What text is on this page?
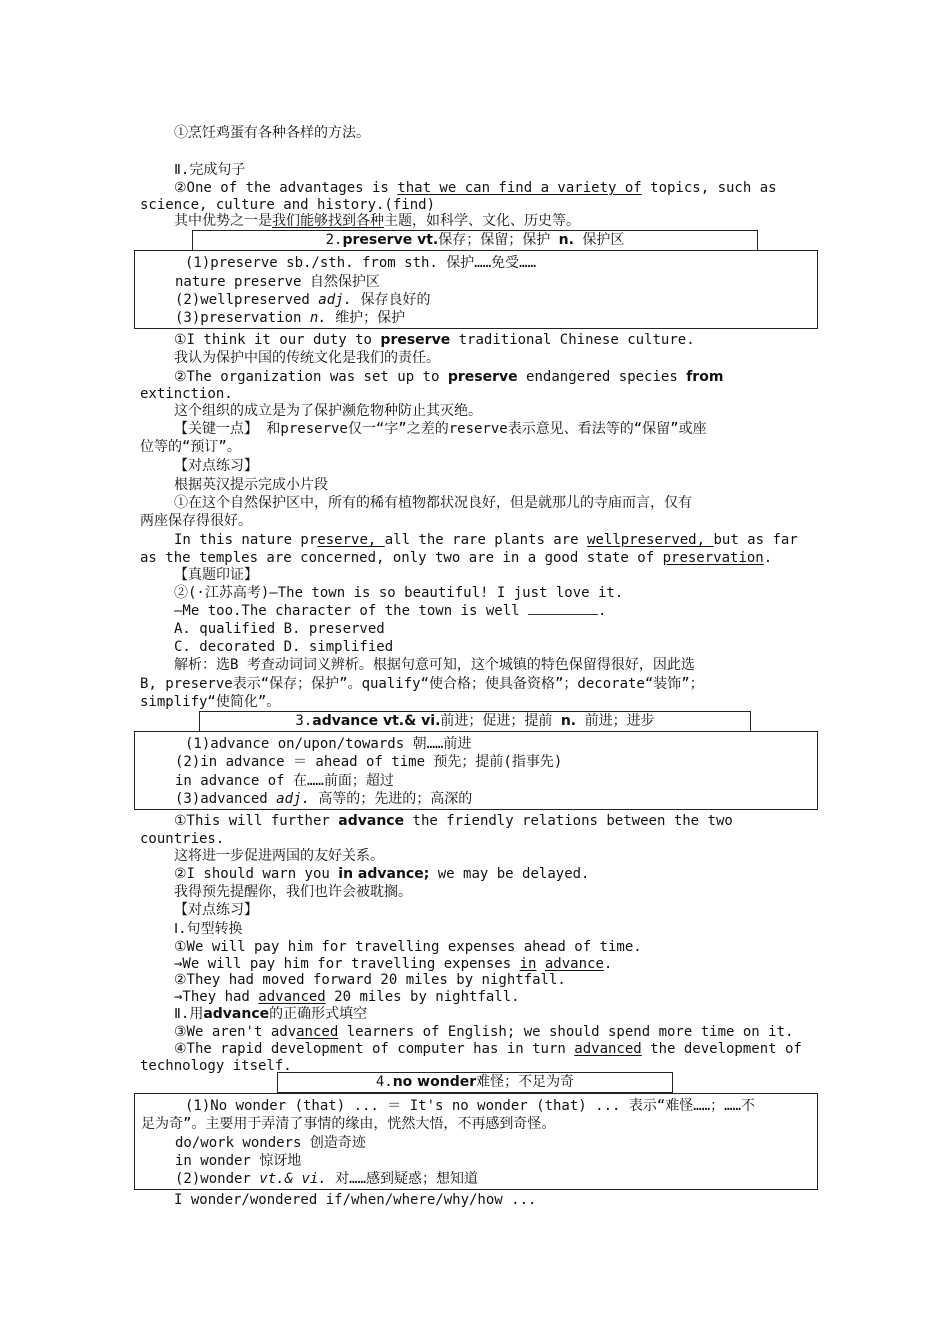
①烹饪鸡蛋有各种各样的方法。
Ⅱ.完成句子
②One of the advantages is that we can find a variety of topics, such as
science, culture and history.(find)
其中优势之一是我们能够找到各种主题，如科学、文化、历史等。
2.preserve vt.保存；保留；保护 n. 保护区
(1)preserve sb./sth. from sth. 保护……免受……
nature preserve 自然保护区
(2)wellpreserved adj. 保存良好的
(3)preservation n. 维护；保护
①I think it our duty to preserve traditional Chinese culture.
我认为保护中国的传统文化是我们的责任。
②The organization was set up to preserve endangered species from
extinction.
这个组织的成立是为了保护濒危物种防止其灭绝。
【关键一点】 和preserve仅一“字”之差的reserve表示意见、看法等的“保留”或座
位等的“预订”。
【对点练习】
根据英汉提示完成小片段
①在这个自然保护区中，所有的稀有植物都状况良好，但是就那儿的寺庙而言，仅有
两座保存得很好。
In this nature preserve, all the rare plants are wellpreserved, but as far
as the temples are concerned, only two are in a good state of preservation.
【真题印证】
②(·江苏高考)—The town is so beautiful! I just love it.
—Me too.The character of the town is well	.
A. qualified B. preserved
C. decorated D. simplified
解析：选B 考查动词词义辨析。根据句意可知，这个城镇的特色保留得很好，因此选
B, preserve表示“保存；保护”。qualify“使合格；使具备资格”；decorate“装饰”；
simplify“使简化”。
3.advance vt.& vi.前进；促进；提前 n. 前进；进步
(1)advance on/upon/towards 朝……前进
(2)in advance ＝ ahead of time 预先；提前(指事先)
in advance of 在……前面；超过
(3)advanced adj. 高等的；先进的；高深的
①This will further advance the friendly relations between the two
countries.
这将进一步促进两国的友好关系。
②I should warn you in advance; we may be delayed.
我得预先提醒你，我们也许会被耽搁。
【对点练习】
Ⅰ.句型转换
①We will pay him for travelling expenses ahead of time.
→We will pay him for travelling expenses in advance.
②They had moved forward 20 miles by nightfall.
→They had advanced 20 miles by nightfall.
Ⅱ.用advance的正确形式填空
③We aren't advanced learners of English; we should spend more time on it.
④The rapid development of computer has in turn advanced the development of
technology itself.
4.no wonder难怪；不足为奇
(1)No wonder (that) ... ＝ It's no wonder (that) ... 表示“难怪……；……不
足为奇”。主要用于弄清了事情的缘由，恍然大悟，不再感到奇怪。
do/work wonders 创造奇迹
in wonder 惊讶地
(2)wonder vt.& vi. 对……感到疑惑；想知道
I wonder/wondered if/when/where/why/how ...
